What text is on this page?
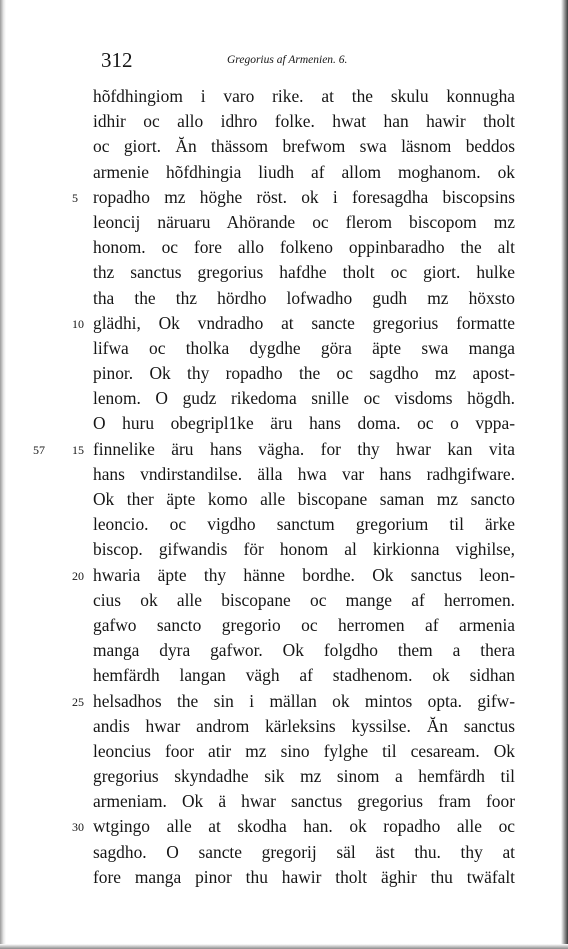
312	Gregorius af Armenien. 6.
hõfdhingiom i varo rike. at the skulu konnugha
idhir oc allo idhro folke. hwat han hawir tholt
oc giort. Ăn thässom brefwom swa läsnom beddos
armenie hõfdhingia liudh af allom moghanom. ok
5 ropadho mz höghe röst. ok i foresagdha biscopsins
leoncij näruaru Ahörande oc flerom biscopom mz
honom. oc fore allo folkeno oppinbaradho the alt
thz sanctus gregorius hafdhe tholt oc giort. hulke
tha the thz hördho lofwadho gudh mz höxsto
10 glädhi, Ok vndradho at sancte gregorius formatte
lifwa oc tholka dygdhe göra äpte swa manga
pinor. Ok thy ropadho the oc sagdho mz apost-
lenom. O gudz rikedoma snille oc visdoms högdh.
O huru obegripl1ke äru hans doma. oc o vppa-
57 15 finnelike äru hans vägha. for thy hwar kan vita
hans vndirstandilse. älla hwa var hans radhgifware.
Ok ther äpte komo alle biscopane saman mz sancto
leoncio. oc vigdho sanctum gregorium til ärke
biscop. gifwandis för honom al kirkionna vighilse,
20 hwaria äpte thy hänne bordhe. Ok sanctus leon-
cius ok alle biscopane oc mange af herromen.
gafwo sancto gregorio oc herromen af armenia
manga dyra gafwor. Ok folgdho them a thera
hemfärdh langan vägh af stadhenom. ok sidhan
25 helsadhos the sin i mällan ok mintos opta. gifw-
andis hwar androm kärleksins kyssilse. Ăn sanctus
leoncius foor atir mz sino fylghe til cesaream. Ok
gregorius skyndadhe sik mz sinom a hemfärdh til
armeniam. Ok ä hwar sanctus gregorius fram foor
30 wtgingo alle at skodha han. ok ropadho alle oc
sagdho. O sancte gregorij säl äst thu. thy at
fore manga pinor thu hawir tholt äghir thu twäfalt
